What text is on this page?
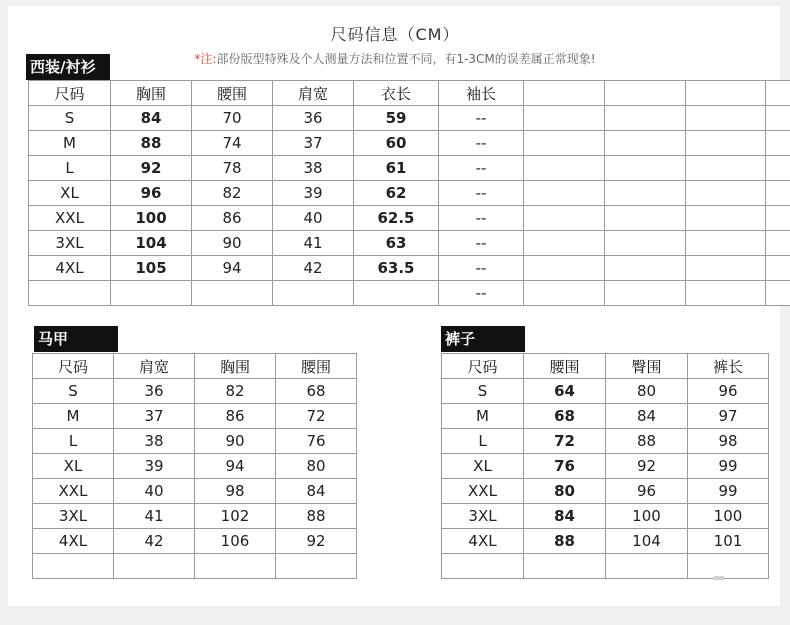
尺码信息（CM）
*注:部份版型特殊及个人测量方法和位置不同，有1-3CM的误差属正常现象!
西装/衬衫
尺码	胸围	腰围	肩宽	衣长	袖长				
S	84	70	36	59	--				
M	88	74	37	60	--				
L	92	78	38	61	--				
XL	96	82	39	62	--				
XXL	100	86	40	62.5	--				
3XL	104	90	41	63	--				
4XL	105	94	42	63.5	--				
					--				
马甲
尺码	肩宽	胸围	腰围
S	36	82	68
M	37	86	72
L	38	90	76
XL	39	94	80
XXL	40	98	84
3XL	41	102	88
4XL	42	106	92

裤子
尺码	腰围	臀围	裤长
S	64	80	96
M	68	84	97
L	72	88	98
XL	76	92	99
XXL	80	96	99
3XL	84	100	100
4XL	88	104	101
